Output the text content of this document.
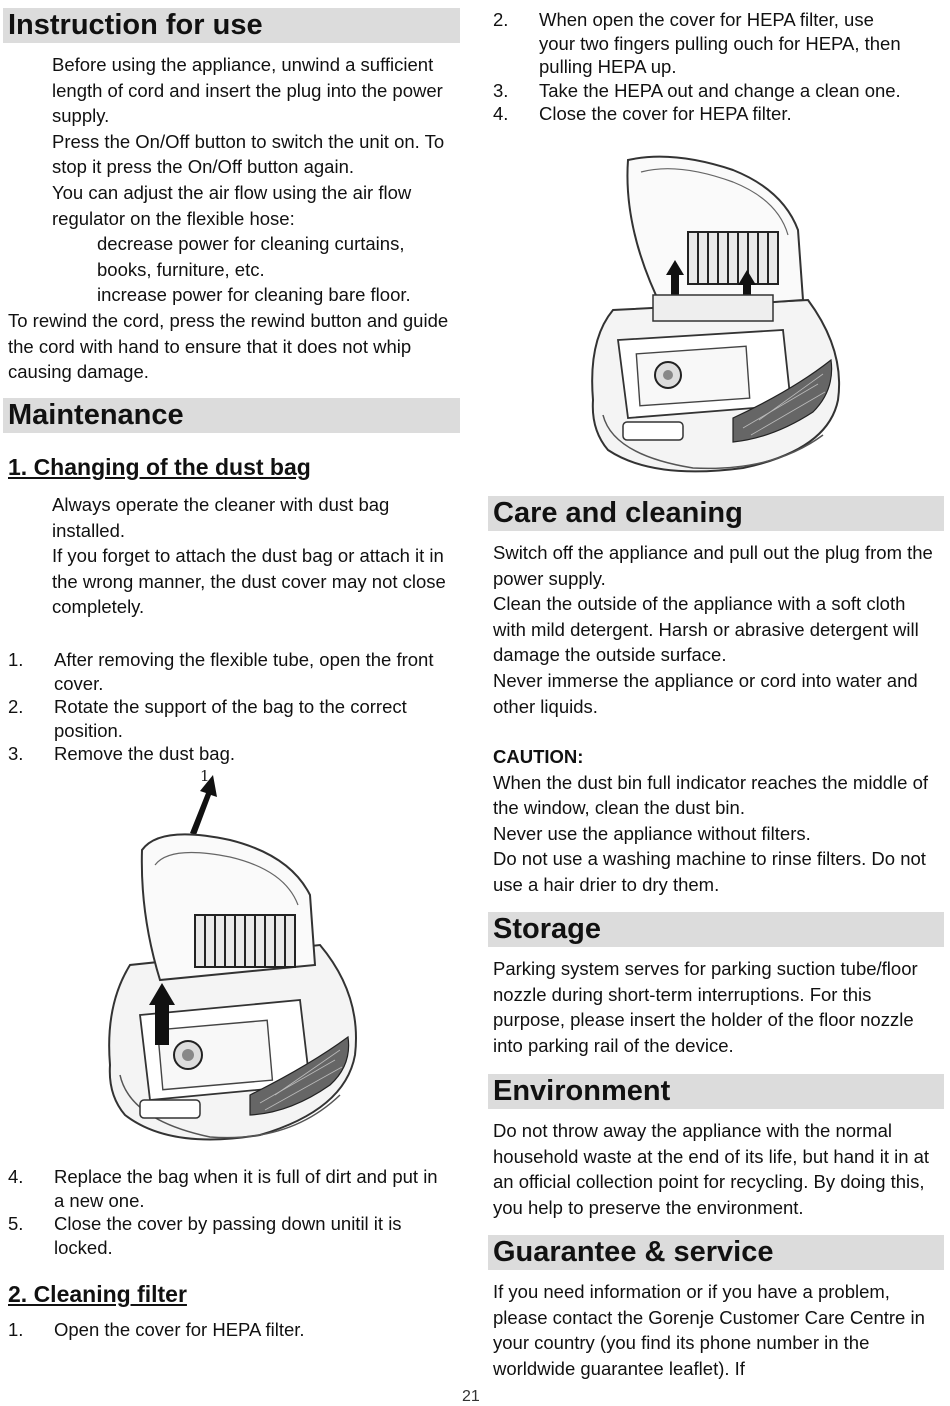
Instruction for use

Before using the appliance, unwind a sufficient length of cord and insert the plug into the power supply.

Press the On/Off button to switch the unit on. To stop it press the On/Off button again.

You can adjust the air flow using the air flow regulator on the flexible hose:

decrease power for cleaning curtains, books, furniture, etc.

increase power for cleaning bare floor.

To rewind the cord, press the rewind button and guide the cord with hand to ensure that it does not whip causing damage.

Maintenance

1. Changing of the dust bag

Always operate the cleaner with dust bag installed.

If you forget to attach the dust bag or attach it in the wrong manner, the dust cover may not close completely.

1.	After removing the flexible tube, open the front cover.
2.	Rotate the support of the bag to the correct position.
3.	Remove the dust bag.
1
4.	Replace the bag when it is full of dirt and put in a new one.
5.	Close the cover by passing down unitil it is locked.

2. Cleaning filter

1.	Open the cover for HEPA filter.
2.	When open the cover for HEPA filter, use your two fingers pulling ouch for HEPA, then pulling HEPA up.
3.	Take the HEPA out and change a clean one.
4.	Close the cover for HEPA filter.
Care and cleaning

Switch off the appliance and pull out the plug from the power supply.

Clean the outside of the appliance with a soft cloth with mild detergent. Harsh or abrasive detergent will damage the outside surface.

Never immerse the appliance or cord into water and other liquids.

CAUTION:

When the dust bin full indicator reaches the middle of the window, clean the dust bin.

Never use the appliance without filters.

Do not use a washing machine to rinse filters. Do not use a hair drier to dry them.

Storage

Parking system serves for parking suction tube/floor nozzle during short-term interruptions. For this purpose, please insert the holder of the floor nozzle into parking rail of the device.

Environment

Do not throw away the appliance with the normal household waste at the end of its life, but hand it in at an official collection point for recycling. By doing this, you help to preserve the environment.

Guarantee & service

If you need information or if you have a problem, please contact the Gorenje Customer Care Centre in your country (you find its phone number in the worldwide guarantee leaflet). If

21
